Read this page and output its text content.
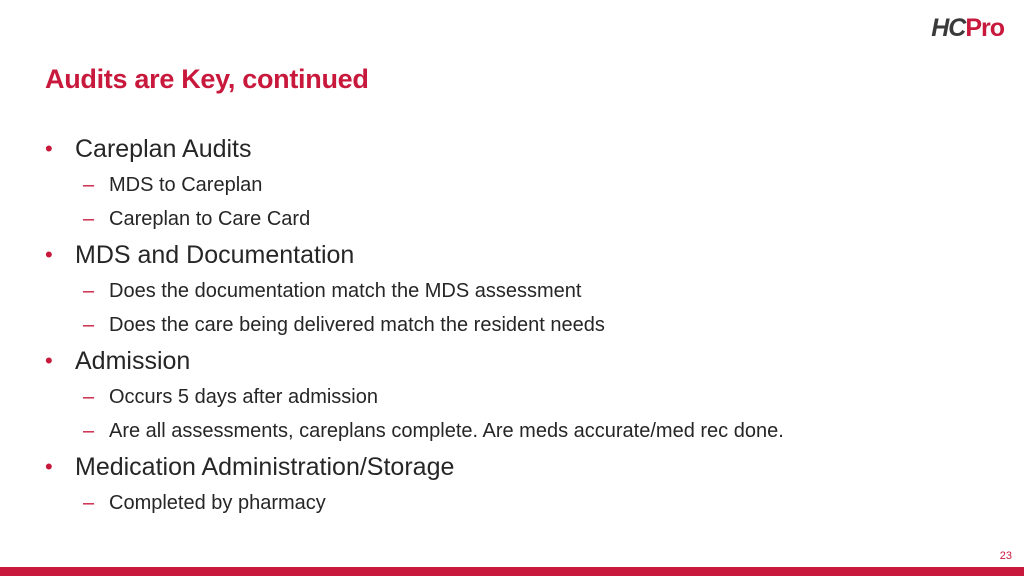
HCPro
Audits are Key, continued
• Careplan Audits
– MDS to Careplan
– Careplan to Care Card
• MDS and Documentation
– Does the documentation match the MDS assessment
– Does the care being delivered match the resident needs
• Admission
– Occurs 5 days after admission
– Are all assessments, careplans complete. Are meds accurate/med rec done.
• Medication Administration/Storage
– Completed by pharmacy
23
